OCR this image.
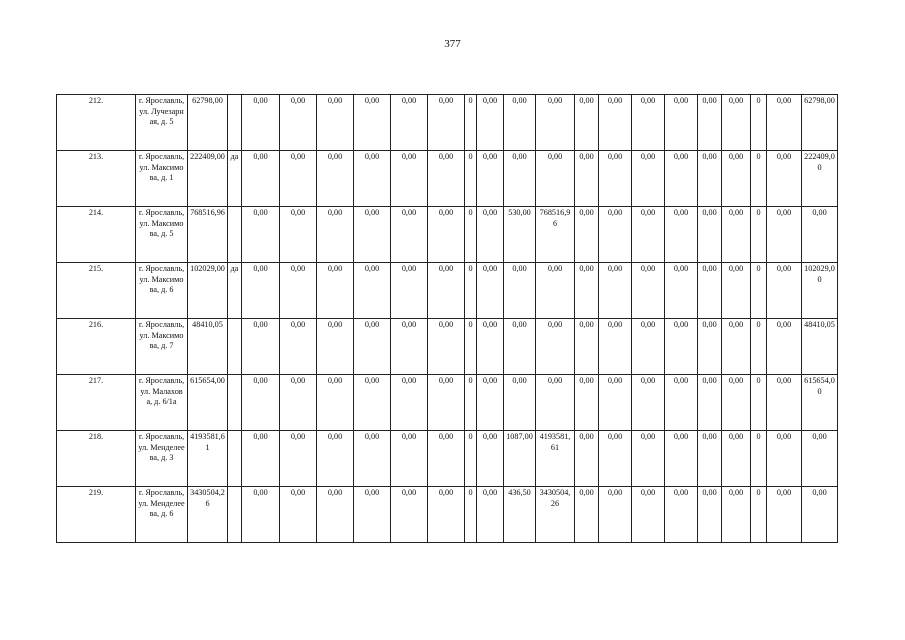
377
212.	г. Ярославль, ул. Лучезарная, д. 5	62798,00		0,00	0,00	0,00	0,00	0,00	0,00	0	0,00	0,00	0,00	0,00	0,00	0,00	0,00	0,00	0,00	0	0,00	62798,00
213.	г. Ярославль, ул. Максимова, д. 1	222409,00	да	0,00	0,00	0,00	0,00	0,00	0,00	0	0,00	0,00	0,00	0,00	0,00	0,00	0,00	0,00	0,00	0	0,00	222409,00
214.	г. Ярославль, ул. Максимова, д. 5	768516,96		0,00	0,00	0,00	0,00	0,00	0,00	0	0,00	530,00	768516,96	0,00	0,00	0,00	0,00	0,00	0,00	0	0,00	0,00
215.	г. Ярославль, ул. Максимова, д. 6	102029,00	да	0,00	0,00	0,00	0,00	0,00	0,00	0	0,00	0,00	0,00	0,00	0,00	0,00	0,00	0,00	0,00	0	0,00	102029,00
216.	г. Ярославль, ул. Максимова, д. 7	48410,05		0,00	0,00	0,00	0,00	0,00	0,00	0	0,00	0,00	0,00	0,00	0,00	0,00	0,00	0,00	0,00	0	0,00	48410,05
217.	г. Ярославль, ул. Малахова, д. 6/1а	615654,00		0,00	0,00	0,00	0,00	0,00	0,00	0	0,00	0,00	0,00	0,00	0,00	0,00	0,00	0,00	0,00	0	0,00	615654,00
218.	г. Ярославль, ул. Менделеева, д. 3	4193581,61		0,00	0,00	0,00	0,00	0,00	0,00	0	0,00	1087,00	4193581,61	0,00	0,00	0,00	0,00	0,00	0,00	0	0,00	0,00
219.	г. Ярославль, ул. Менделеева, д. 6	3430504,26		0,00	0,00	0,00	0,00	0,00	0,00	0	0,00	436,50	3430504,26	0,00	0,00	0,00	0,00	0,00	0,00	0	0,00	0,00
